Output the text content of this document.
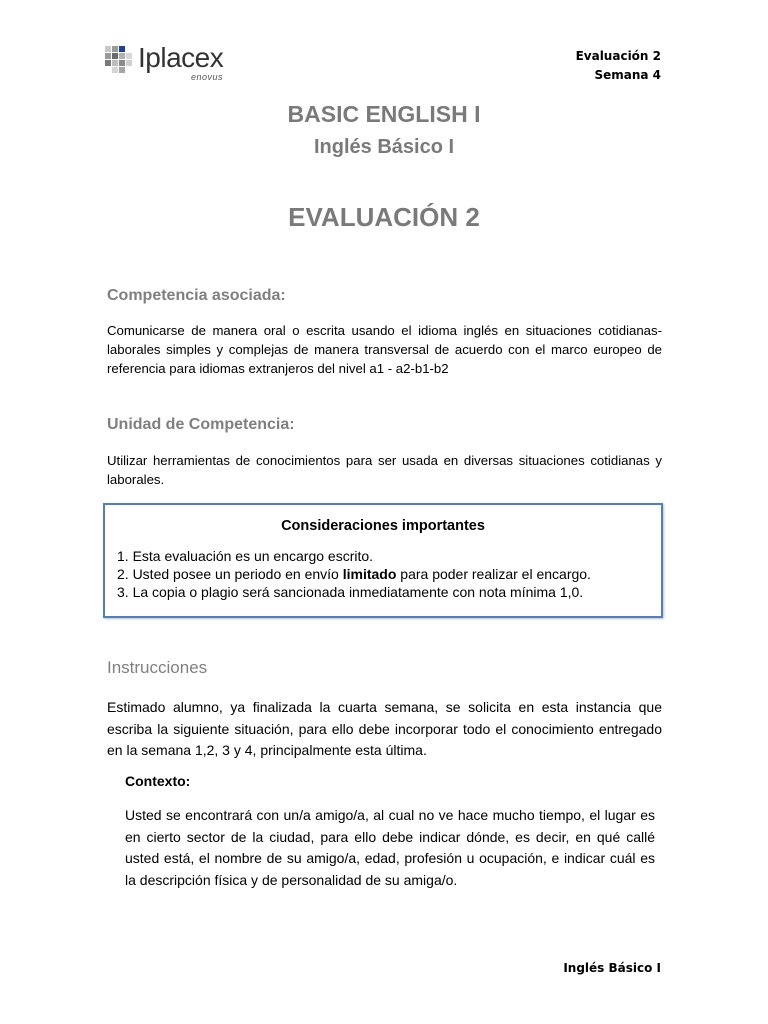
Iplacex
enovus
Evaluación 2
Semana 4
BASIC ENGLISH I
Inglés Básico I
EVALUACIÓN 2
Competencia asociada:
Comunicarse de manera oral o escrita usando el idioma inglés en situaciones cotidianas-laborales simples y complejas de manera transversal de acuerdo con el marco europeo de referencia para idiomas extranjeros del nivel a1 - a2-b1-b2
Unidad de Competencia:
Utilizar herramientas de conocimientos para ser usada en diversas situaciones cotidianas y laborales.
Consideraciones importantes
1. Esta evaluación es un encargo escrito.
2. Usted posee un periodo en envío limitado para poder realizar el encargo.
3. La copia o plagio será sancionada inmediatamente con nota mínima 1,0.
Instrucciones
Estimado alumno, ya finalizada la cuarta semana, se solicita en esta instancia que escriba la siguiente situación, para ello debe incorporar todo el conocimiento entregado en la semana 1,2, 3 y 4, principalmente esta última.
Contexto:
Usted se encontrará con un/a amigo/a, al cual no ve hace mucho tiempo, el lugar es en cierto sector de la ciudad, para ello debe indicar dónde, es decir, en qué callé usted está, el nombre de su amigo/a, edad, profesión u ocupación, e indicar cuál es la descripción física y de personalidad de su amiga/o.
Inglés Básico I
